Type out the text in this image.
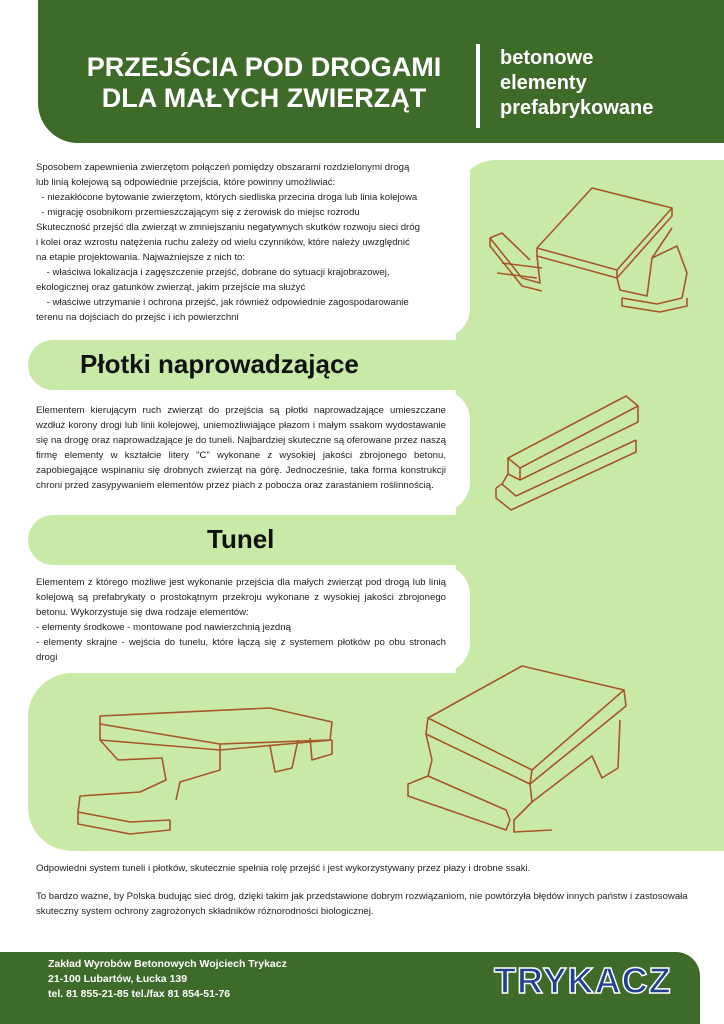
PRZEJŚCIA POD DROGAMI
DLA MAŁYCH ZWIERZĄT
betonowe
elementy
prefabrykowane
Sposobem zapewnienia zwierzętom połączeń pomiędzy obszarami rozdzielonymi drogą
lub linią kolejową są odpowiednie przejścia, które powinny umożliwiać:
- niezakłócone bytowanie zwierzętom, których siedliska przecina droga lub linia kolejowa
- migrację osobnikom przemieszczającym się z żerowisk do miejsc rozrodu
Skuteczność przejść dla zwierząt w zmniejszaniu negatywnych skutków rozwoju sieci dróg
i kolei oraz wzrostu natężenia ruchu zależy od wielu czynników, które należy uwzględnić
na etapie projektowania. Najważniejsze z nich to:
- właściwa lokalizacja i zagęszczenie przejść, dobrane do sytuacji krajobrazowej,
ekologicznej oraz gatunków zwierząt, jakim przejście ma służyć
- właściwe utrzymanie i ochrona przejść, jak również odpowiednie zagospodarowanie
terenu na dojściach do przejść i ich powierzchni
Płotki naprowadzające
Elementem kierującym ruch zwierząt do przejścia są płotki naprowadzające umieszczane wzdłuż korony drogi lub linii kolejowej, uniemożliwiające płazom i małym ssakom wydostawanie się na drogę oraz naprowadzające je do tuneli. Najbardziej skuteczne są oferowane przez naszą firmę elementy w kształcie litery "C" wykonane z wysokiej jakości zbrojonego betonu, zapobiegające wspinaniu się drobnych zwierząt na górę. Jednocześnie, taka forma konstrukcji chroni przed zasypywaniem elementów przez piach z pobocza oraz zarastaniem roślinnością.
Tunel
Elementem z którego możliwe jest wykonanie przejścia dla małych zwierząt pod drogą lub linią kolejową są prefabrykaty o prostokątnym przekroju wykonane z wysokiej jakości zbrojonego betonu. Wykorzystuje się dwa rodzaje elementów:
- elementy środkowe - montowane pod nawierzchnią jezdną
- elementy skrajne - wejścia do tunelu, które łączą się z systemem płotków po obu stronach drogi
Odpowiedni system tuneli i płotków, skutecznie spełnia rolę przejść i jest wykorzystywany przez płazy i drobne ssaki.
To bardzo ważne, by Polska budując sieć dróg, dzięki takim jak przedstawione dobrym rozwiązaniom, nie powtórzyła błędów innych państw i zastosowała skuteczny system ochrony zagrożonych składników różnorodności biologicznej.
Zakład Wyrobów Betonowych Wojciech Trykacz
21-100 Lubartów, Łucka 139
tel. 81 855-21-85 tel./fax 81 854-51-76	TRYKACZ
